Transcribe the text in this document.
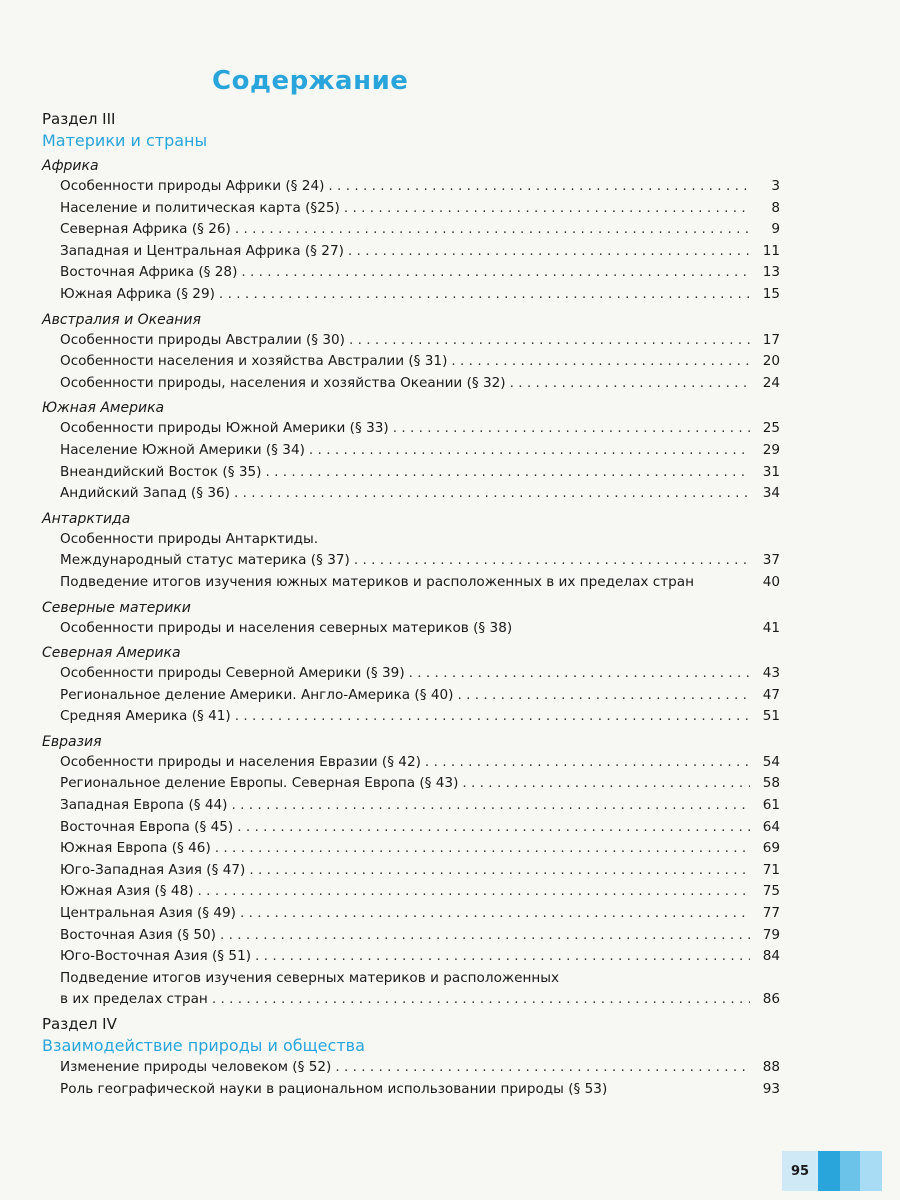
Содержание
Раздел III
Материки и страны
Африка
Особенности природы Африки (§ 24) . . .	3
Население и политическая карта (§25) . . .	8
Северная Африка (§ 26) . . .	9
Западная и Центральная Африка (§ 27) . . .	11
Восточная Африка (§ 28) . . .	13
Южная Африка (§ 29) . . .	15
Австралия и Океания
Особенности природы Австралии (§ 30) . . .	17
Особенности населения и хозяйства Австралии (§ 31) . . .	20
Особенности природы, населения и хозяйства Океании (§ 32) . . .	24
Южная Америка
Особенности природы Южной Америки (§ 33) . . .	25
Население Южной Америки (§ 34) . . .	29
Внеандийский Восток (§ 35) . . .	31
Андийский Запад (§ 36) . . .	34
Антарктида
Особенности природы Антарктиды.
Международный статус материка (§ 37) . . .	37
Подведение итогов изучения южных материков и расположенных в их пределах стран	40
Северные материки
Особенности природы и населения северных материков (§ 38)	41
Северная Америка
Особенности природы Северной Америки (§ 39) . . .	43
Региональное деление Америки. Англо-Америка (§ 40) . . .	47
Средняя Америка (§ 41) . . .	51
Евразия
Особенности природы и населения Евразии (§ 42) . . .	54
Региональное деление Европы. Северная Европа (§ 43) . . .	58
Западная Европа (§ 44) . . .	61
Восточная Европа (§ 45) . . .	64
Южная Европа (§ 46) . . .	69
Юго-Западная Азия (§ 47) . . .	71
Южная Азия (§ 48) . . .	75
Центральная Азия (§ 49) . . .	77
Восточная Азия (§ 50) . . .	79
Юго-Восточная Азия (§ 51) . . .	84
Подведение итогов изучения северных материков и расположенных
в их пределах стран . . .	86
Раздел IV
Взаимодействие природы и общества
Изменение природы человеком (§ 52) . . .	88
Роль географической науки в рациональном использовании природы (§ 53)	93
95
